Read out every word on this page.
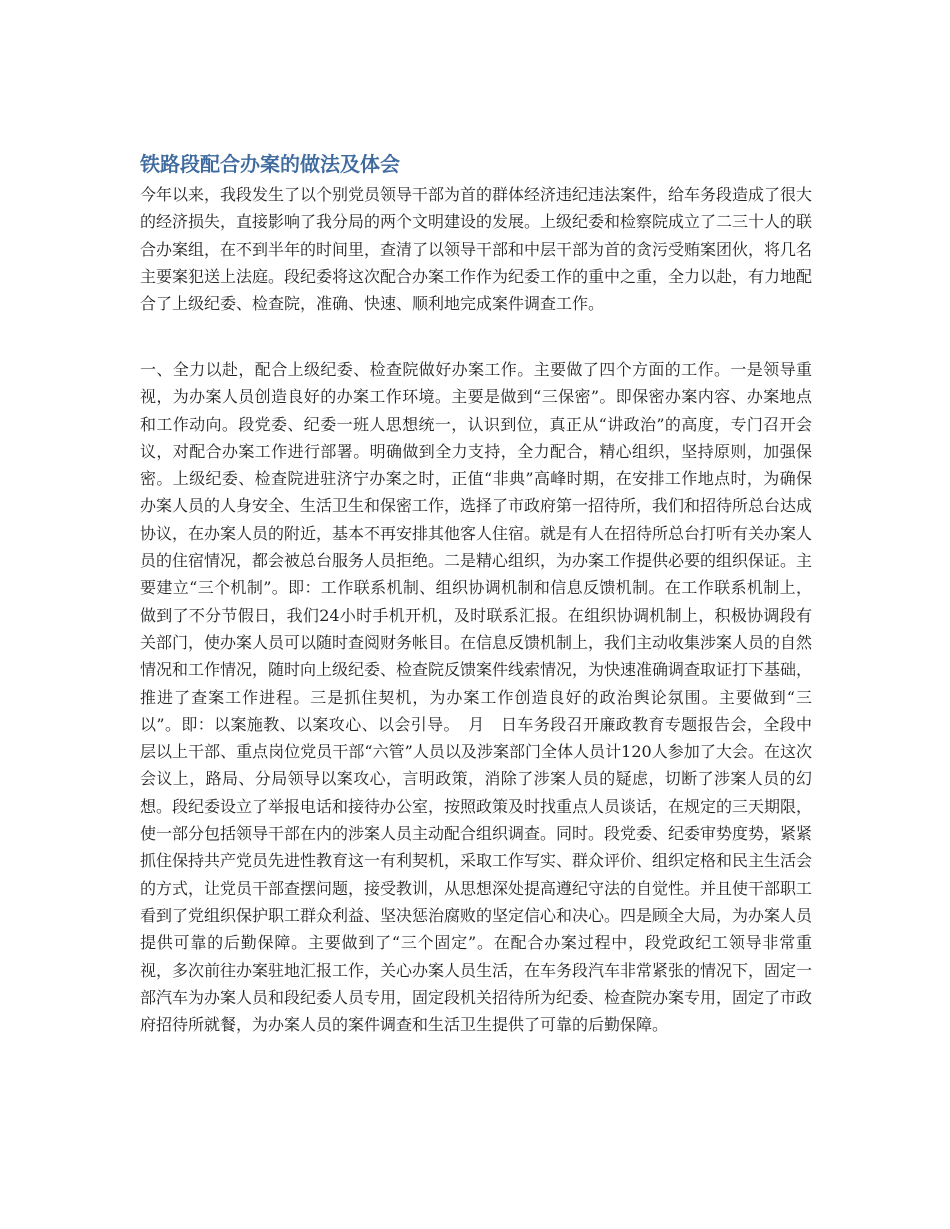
铁路段配合办案的做法及体会

今年以来，我段发生了以个别党员领导干部为首的群体经济违纪违法案件，给车务段造成了很大的经济损失，直接影响了我分局的两个文明建设的发展。上级纪委和检察院成立了二三十人的联合办案组，在不到半年的时间里，查清了以领导干部和中层干部为首的贪污受贿案团伙，将几名主要案犯送上法庭。段纪委将这次配合办案工作作为纪委工作的重中之重，全力以赴，有力地配合了上级纪委、检查院，准确、快速、顺利地完成案件调查工作。

一、全力以赴，配合上级纪委、检查院做好办案工作。主要做了四个方面的工作。一是领导重视，为办案人员创造良好的办案工作环境。主要是做到“三保密”。即保密办案内容、办案地点和工作动向。段党委、纪委一班人思想统一，认识到位，真正从“讲政治”的高度，专门召开会议，对配合办案工作进行部署。明确做到全力支持，全力配合，精心组织，坚持原则，加强保密。上级纪委、检查院进驻济宁办案之时，正值“非典”高峰时期，在安排工作地点时，为确保办案人员的人身安全、生活卫生和保密工作，选择了市政府第一招待所，我们和招待所总台达成协议，在办案人员的附近，基本不再安排其他客人住宿。就是有人在招待所总台打听有关办案人员的住宿情况，都会被总台服务人员拒绝。二是精心组织，为办案工作提供必要的组织保证。主要建立“三个机制”。即：工作联系机制、组织协调机制和信息反馈机制。在工作联系机制上，做到了不分节假日，我们24小时手机开机，及时联系汇报。在组织协调机制上，积极协调段有关部门，使办案人员可以随时查阅财务帐目。在信息反馈机制上，我们主动收集涉案人员的自然情况和工作情况，随时向上级纪委、检查院反馈案件线索情况，为快速准确调查取证打下基础，推进了查案工作进程。三是抓住契机，为办案工作创造良好的政治舆论氛围。主要做到“三以”。即：以案施教、以案攻心、以会引导。　月　日车务段召开廉政教育专题报告会，全段中层以上干部、重点岗位党员干部“六管”人员以及涉案部门全体人员计120人参加了大会。在这次会议上，路局、分局领导以案攻心，言明政策，消除了涉案人员的疑虑，切断了涉案人员的幻想。段纪委设立了举报电话和接待办公室，按照政策及时找重点人员谈话，在规定的三天期限，使一部分包括领导干部在内的涉案人员主动配合组织调查。同时。段党委、纪委审势度势，紧紧抓住保持共产党员先进性教育这一有利契机，采取工作写实、群众评价、组织定格和民主生活会的方式，让党员干部查摆问题，接受教训，从思想深处提高遵纪守法的自觉性。并且使干部职工看到了党组织保护职工群众利益、坚决惩治腐败的坚定信心和决心。四是顾全大局，为办案人员提供可靠的后勤保障。主要做到了“三个固定”。在配合办案过程中，段党政纪工领导非常重视，多次前往办案驻地汇报工作，关心办案人员生活，在车务段汽车非常紧张的情况下，固定一部汽车为办案人员和段纪委人员专用，固定段机关招待所为纪委、检查院办案专用，固定了市政府招待所就餐，为办案人员的案件调查和生活卫生提供了可靠的后勤保障。
